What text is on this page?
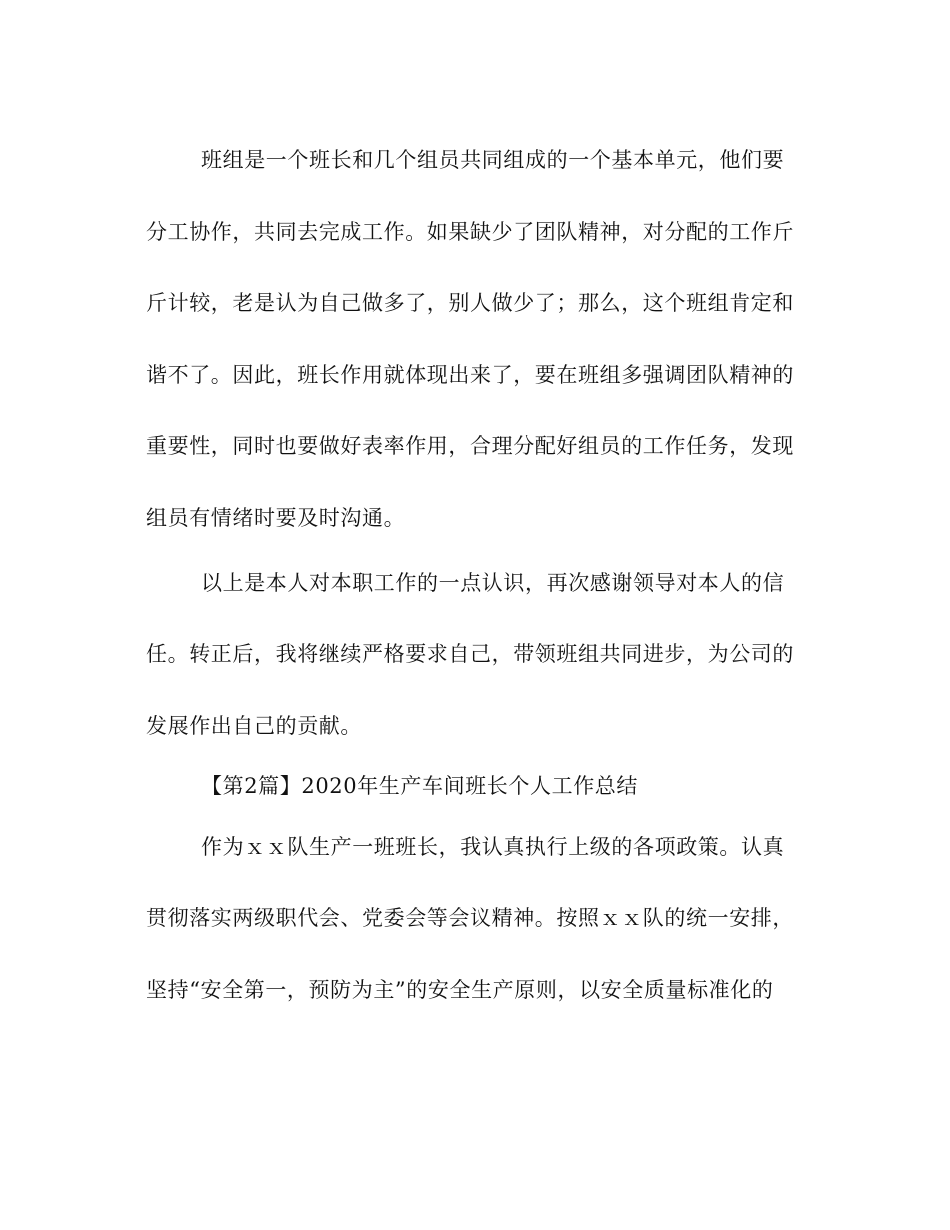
班组是一个班长和几个组员共同组成的一个基本单元，他们要
分工协作，共同去完成工作。如果缺少了团队精神，对分配的工作斤
斤计较，老是认为自己做多了，别人做少了；那么，这个班组肯定和
谐不了。因此，班长作用就体现出来了，要在班组多强调团队精神的
重要性，同时也要做好表率作用，合理分配好组员的工作任务，发现
组员有情绪时要及时沟通。
以上是本人对本职工作的一点认识，再次感谢领导对本人的信
任。转正后，我将继续严格要求自己，带领班组共同进步，为公司的
发展作出自己的贡献。
【第2篇】2020年生产车间班长个人工作总结
作为ｘｘ队生产一班班长，我认真执行上级的各项政策。认真
贯彻落实两级职代会、党委会等会议精神。按照ｘｘ队的统一安排，
坚持“安全第一，预防为主”的安全生产原则，以安全质量标准化的
